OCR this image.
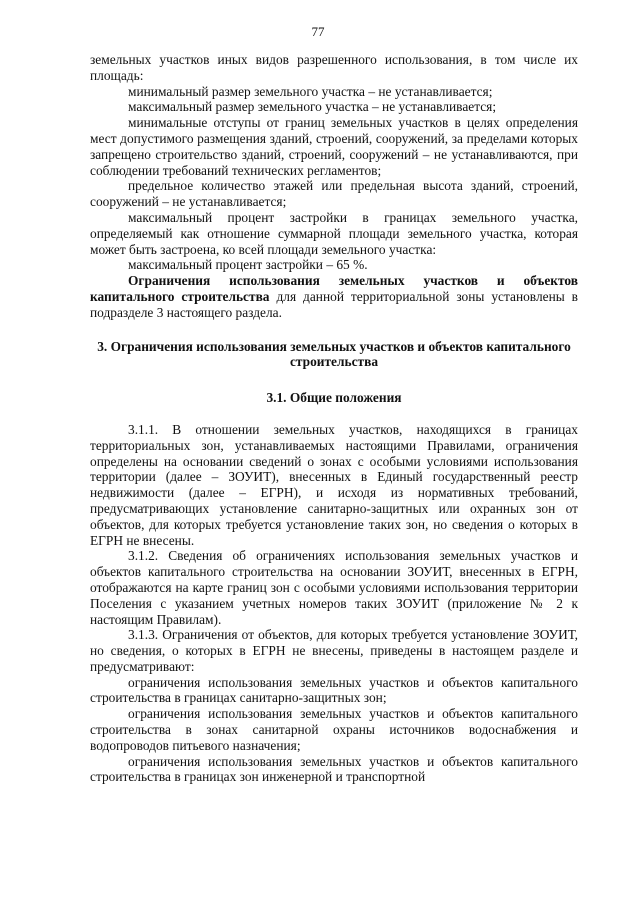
77

земельных участков иных видов разрешенного использования, в том числе их площадь:

минимальный размер земельного участка – не устанавливается;

максимальный размер земельного участка – не устанавливается;

минимальные отступы от границ земельных участков в целях определения мест допустимого размещения зданий, строений, сооружений, за пределами которых запрещено строительство зданий, строений, сооружений – не устанавливаются, при соблюдении требований технических регламентов;

предельное количество этажей или предельная высота зданий, строений, сооружений – не устанавливается;

максимальный процент застройки в границах земельного участка, определяемый как отношение суммарной площади земельного участка, которая может быть застроена, ко всей площади земельного участка:

максимальный процент застройки – 65 %.

Ограничения использования земельных участков и объектов капитального строительства для данной территориальной зоны установлены в подразделе 3 настоящего раздела.

3. Ограничения использования земельных участков и объектов капитального строительства

3.1. Общие положения

3.1.1. В отношении земельных участков, находящихся в границах территориальных зон, устанавливаемых настоящими Правилами, ограничения определены на основании сведений о зонах с особыми условиями использования территории (далее – ЗОУИТ), внесенных в Единый государственный реестр недвижимости (далее – ЕГРН), и исходя из нормативных требований, предусматривающих установление санитарно-защитных или охранных зон от объектов, для которых требуется установление таких зон, но сведения о которых в ЕГРН не внесены.

3.1.2. Сведения об ограничениях использования земельных участков и объектов капитального строительства на основании ЗОУИТ, внесенных в ЕГРН, отображаются на карте границ зон с особыми условиями использования территории Поселения с указанием учетных номеров таких ЗОУИТ (приложение № 2 к настоящим Правилам).

3.1.3. Ограничения от объектов, для которых требуется установление ЗОУИТ, но сведения, о которых в ЕГРН не внесены, приведены в настоящем разделе и предусматривают:

ограничения использования земельных участков и объектов капитального строительства в границах санитарно-защитных зон;

ограничения использования земельных участков и объектов капитального строительства в зонах санитарной охраны источников водоснабжения и водопроводов питьевого назначения;

ограничения использования земельных участков и объектов капитального строительства в границах зон инженерной и транспортной
